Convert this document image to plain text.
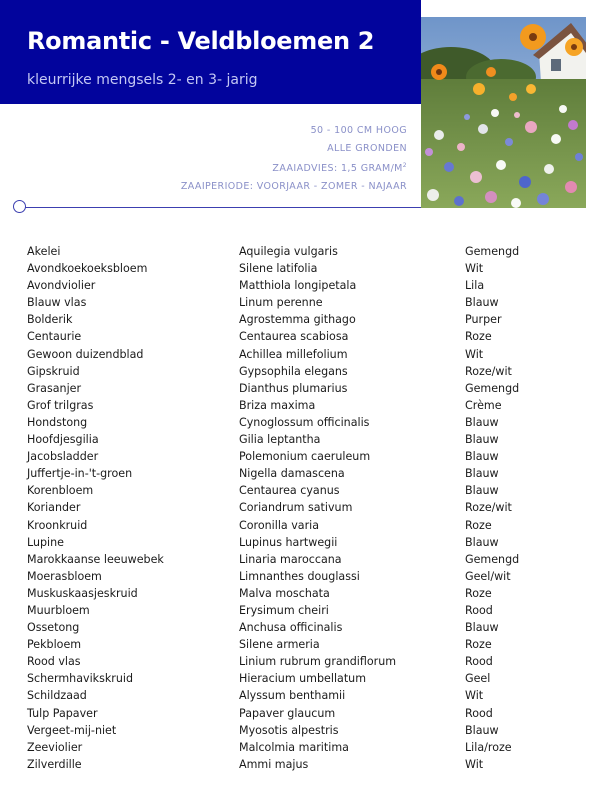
Romantic - Veldbloemen 2

kleurrijke mengsels 2- en 3- jarig

50 - 100 CM HOOG
ALLE GRONDEN
ZAAIADVIES: 1,5 GRAM/$M^2$
ZAAIPERIODE: VOORJAAR - ZOMER - NAJAAR
Akelei	Aquilegia vulgaris	Gemengd
Avondkoekoeksbloem	Silene latifolia	Wit
Avondviolier	Matthiola longipetala	Lila
Blauw vlas	Linum perenne	Blauw
Bolderik	Agrostemma githago	Purper
Centaurie	Centaurea scabiosa	Roze
Gewoon duizendblad	Achillea millefolium	Wit
Gipskruid	Gypsophila elegans	Roze/wit
Grasanjer	Dianthus plumarius	Gemengd
Grof trilgras	Briza maxima	Crème
Hondstong	Cynoglossum officinalis	Blauw
Hoofdjesgilia	Gilia leptantha	Blauw
Jacobsladder	Polemonium caeruleum	Blauw
Juffertje-in-'t-groen	Nigella damascena	Blauw
Korenbloem	Centaurea cyanus	Blauw
Koriander	Coriandrum sativum	Roze/wit
Kroonkruid	Coronilla varia	Roze
Lupine	Lupinus hartwegii	Blauw
Marokkaanse leeuwebek	Linaria maroccana	Gemengd
Moerasbloem	Limnanthes douglassi	Geel/wit
Muskuskaasjeskruid	Malva moschata	Roze
Muurbloem	Erysimum cheiri	Rood
Ossetong	Anchusa officinalis	Blauw
Pekbloem	Silene armeria	Roze
Rood vlas	Linium rubrum grandiflorum	Rood
Schermhavikskruid	Hieracium umbellatum	Geel
Schildzaad	Alyssum benthamii	Wit
Tulp Papaver	Papaver glaucum	Rood
Vergeet-mij-niet	Myosotis alpestris	Blauw
Zeeviolier	Malcolmia maritima	Lila/roze
Zilverdille	Ammi majus	Wit
